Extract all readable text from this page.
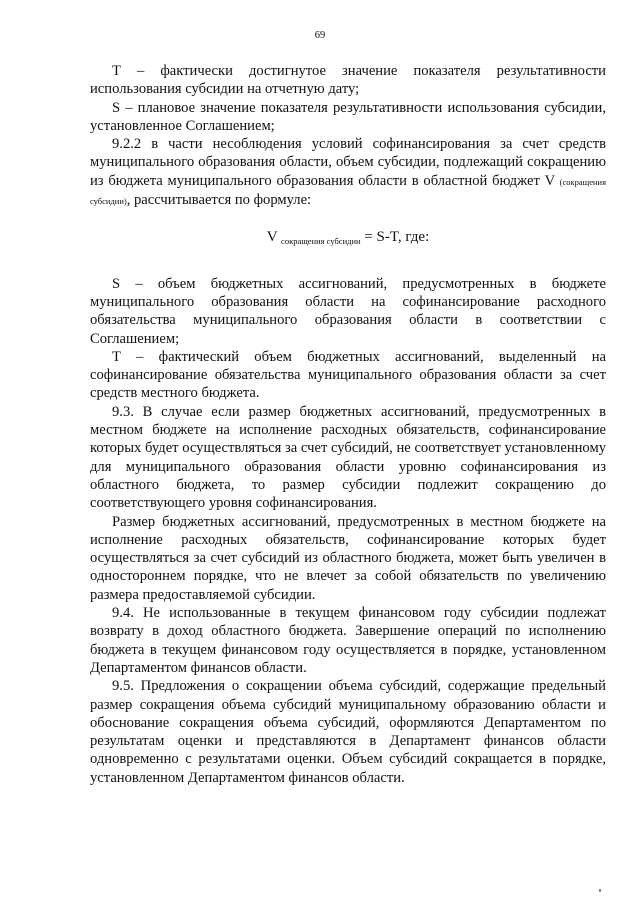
69

Т – фактически достигнутое значение показателя результативности использования субсидии на отчетную дату;

S – плановое значение показателя результативности использования субсидии, установленное Соглашением;

9.2.2 в части несоблюдения условий софинансирования за счет средств муниципального образования области, объем субсидии, подлежащий сокращению из бюджета муниципального образования области в областной бюджет V (сокращения субсидии), рассчитывается по формуле:

V $_{сокращения субсидии}$ = S-T, где:

S – объем бюджетных ассигнований, предусмотренных в бюджете муниципального образования области на софинансирование расходного обязательства муниципального образования области в соответствии с Соглашением;

Т – фактический объем бюджетных ассигнований, выделенный на софинансирование обязательства муниципального образования области за счет средств местного бюджета.

9.3. В случае если размер бюджетных ассигнований, предусмотренных в местном бюджете на исполнение расходных обязательств, софинансирование которых будет осуществляться за счет субсидий, не соответствует установленному для муниципального образования области уровню софинансирования из областного бюджета, то размер субсидии подлежит сокращению до соответствующего уровня софинансирования.

Размер бюджетных ассигнований, предусмотренных в местном бюджете на исполнение расходных обязательств, софинансирование которых будет осуществляться за счет субсидий из областного бюджета, может быть увеличен в одностороннем порядке, что не влечет за собой обязательств по увеличению размера предоставляемой субсидии.

9.4. Не использованные в текущем финансовом году субсидии подлежат возврату в доход областного бюджета. Завершение операций по исполнению бюджета в текущем финансовом году осуществляется в порядке, установленном Департаментом финансов области.

9.5. Предложения о сокращении объема субсидий, содержащие предельный размер сокращения объема субсидий муниципальному образованию области и обоснование сокращения объема субсидий, оформляются Департаментом по результатам оценки и представляются в Департамент финансов области одновременно с результатами оценки. Объем субсидий сокращается в порядке, установленном Департаментом финансов области.
